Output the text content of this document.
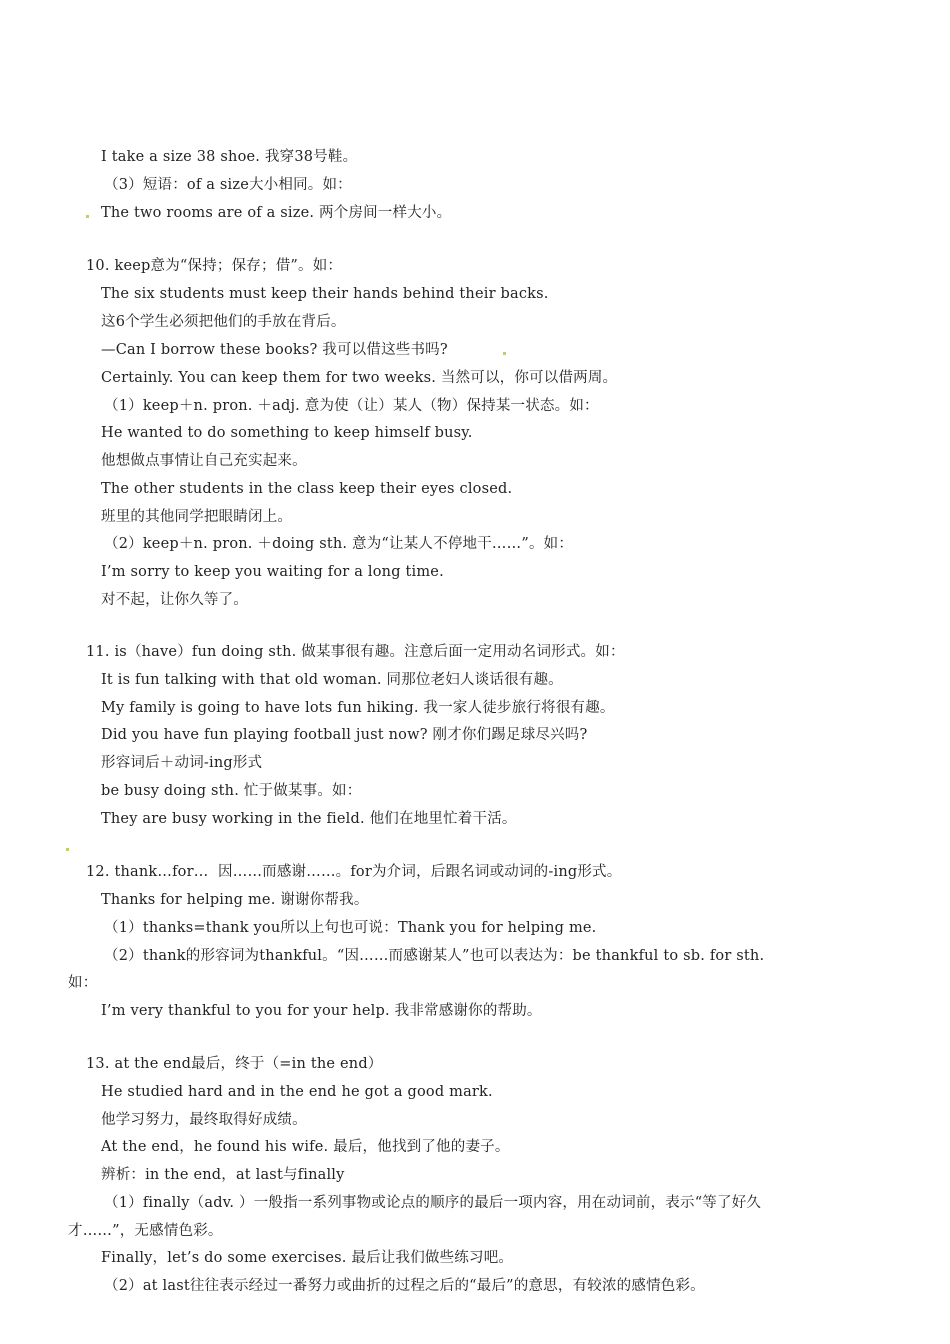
I take a size 38 shoe. 我穿38号鞋。
（3）短语：of a size大小相同。如：
The two rooms are of a size. 两个房间一样大小。
10. keep意为“保持；保存；借”。如：
The six students must keep their hands behind their backs.
这6个学生必须把他们的手放在背后。
—Can I borrow these books? 我可以借这些书吗?
Certainly. You can keep them for two weeks. 当然可以，你可以借两周。
（1）keep＋n. pron. ＋adj. 意为使（让）某人（物）保持某一状态。如：
He wanted to do something to keep himself busy.
他想做点事情让自己充实起来。
The other students in the class keep their eyes closed.
班里的其他同学把眼睛闭上。
（2）keep＋n. pron. ＋doing sth. 意为“让某人不停地干……”。如：
I’m sorry to keep you waiting for a long time.
对不起，让你久等了。
11. is（have）fun doing sth. 做某事很有趣。注意后面一定用动名词形式。如：
It is fun talking with that old woman. 同那位老妇人谈话很有趣。
My family is going to have lots fun hiking. 我一家人徒步旅行将很有趣。
Did you have fun playing football just now? 刚才你们踢足球尽兴吗?
形容词后＋动词-ing形式
be busy doing sth. 忙于做某事。如：
They are busy working in the field. 他们在地里忙着干活。
12. thank…for…  因……而感谢……。for为介词，后跟名词或动词的-ing形式。
Thanks for helping me. 谢谢你帮我。
（1）thanks=thank you所以上句也可说：Thank you for helping me.
（2）thank的形容词为thankful。“因……而感谢某人”也可以表达为：be thankful to sb. for sth.
如：
I’m very thankful to you for your help. 我非常感谢你的帮助。
13. at the end最后，终于（=in the end）
He studied hard and in the end he got a good mark.
他学习努力，最终取得好成绩。
At the end，he found his wife. 最后，他找到了他的妻子。
辨析：in the end，at last与finally
（1）finally（adv. ）一般指一系列事物或论点的顺序的最后一项内容，用在动词前，表示“等了好久
才……”，无感情色彩。
Finally，let’s do some exercises. 最后让我们做些练习吧。
（2）at last往往表示经过一番努力或曲折的过程之后的“最后”的意思，有较浓的感情色彩。
